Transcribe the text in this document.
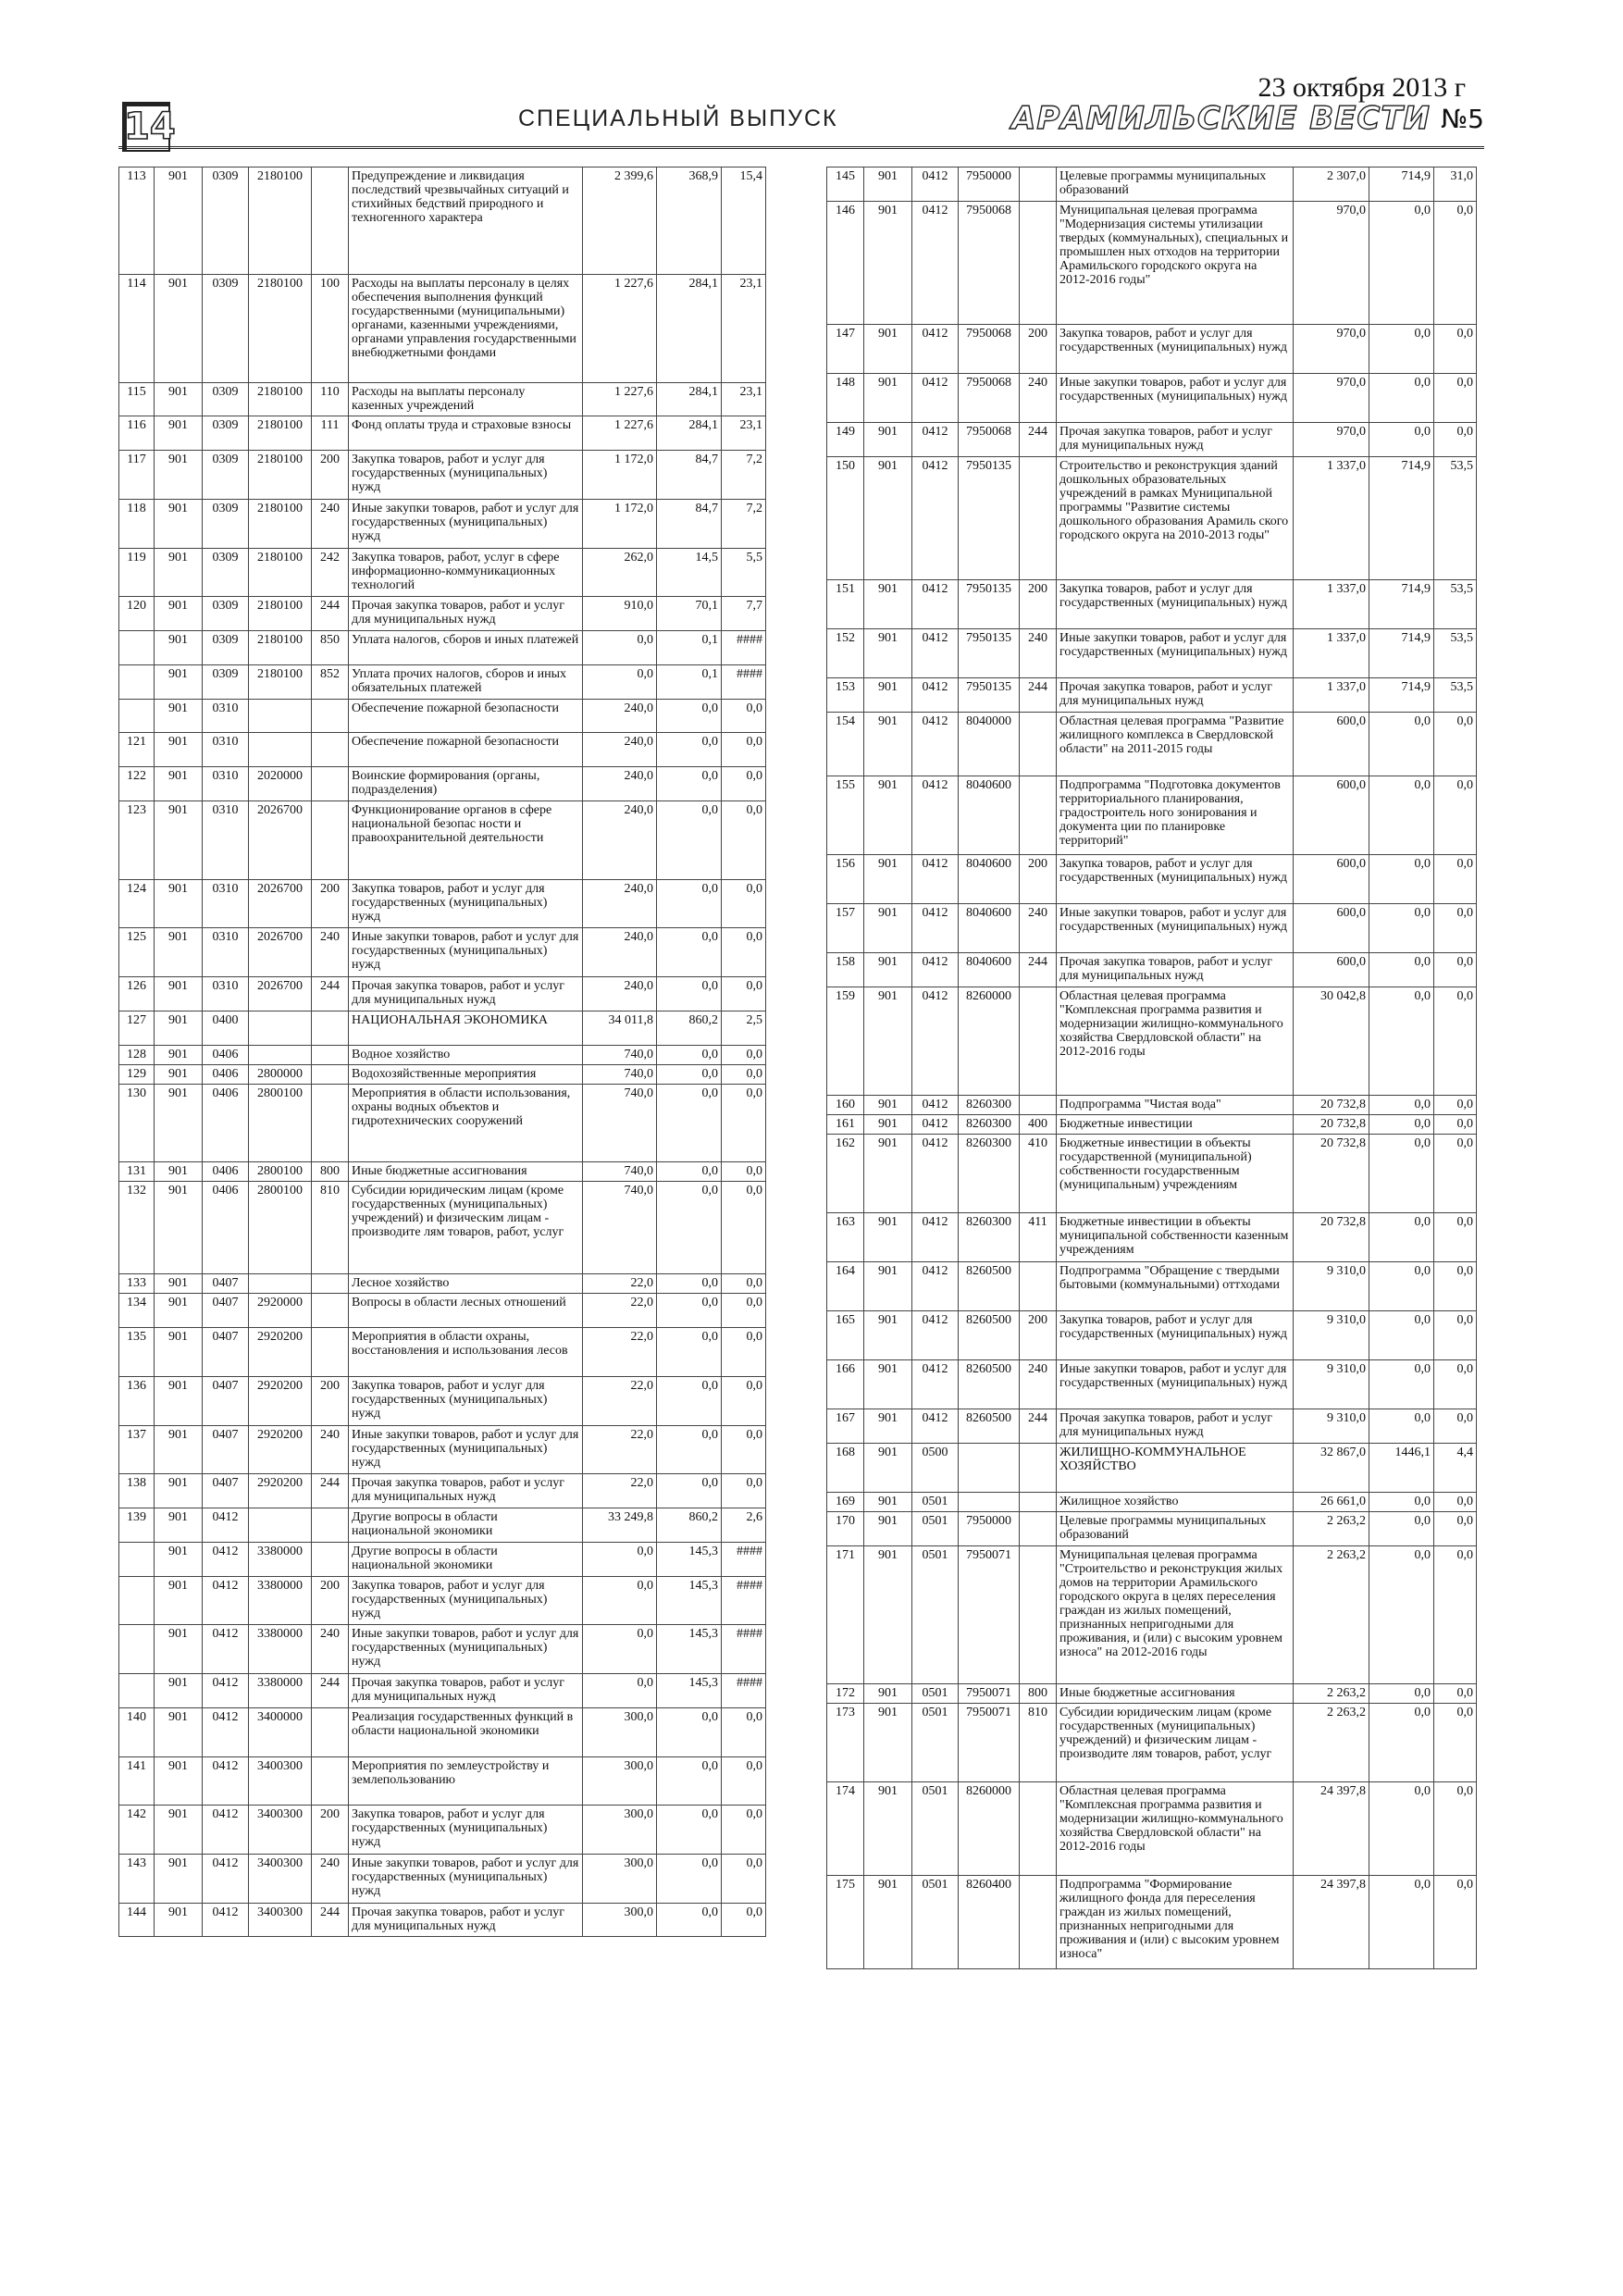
14	СПЕЦИАЛЬНЫЙ ВЫПУСК
23 октября 2013 г
АРАМИЛЬСКИЕ ВЕСТИ №5
113	901	0309	2180100		Предупреждение и ликвидация последствий чрезвычайных ситуаций и стихийных бедствий природного и техногенного характера	2 399,6	368,9	15,4
114	901	0309	2180100	100	Расходы на выплаты персоналу в целях обеспечения выполнения функций государственными (муниципальными) органами, казенными учреждениями, органами управления государственными внебюджетными фондами	1 227,6	284,1	23,1
115	901	0309	2180100	110	Расходы на выплаты персоналу казенных учреждений	1 227,6	284,1	23,1
116	901	0309	2180100	111	Фонд оплаты труда и страховые взносы	1 227,6	284,1	23,1
117	901	0309	2180100	200	Закупка товаров, работ и услуг для государственных (муниципальных) нужд	1 172,0	84,7	7,2
118	901	0309	2180100	240	Иные закупки товаров, работ и услуг для государственных (муниципальных) нужд	1 172,0	84,7	7,2
119	901	0309	2180100	242	Закупка товаров, работ, услуг в сфере информационно-коммуникационных технологий	262,0	14,5	5,5
120	901	0309	2180100	244	Прочая закупка товаров, работ и услуг для муниципальных нужд	910,0	70,1	7,7
	901	0309	2180100	850	Уплата налогов, сборов и иных платежей	0,0	0,1	####
	901	0309	2180100	852	Уплата прочих налогов, сборов и иных обязательных платежей	0,0	0,1	####
	901	0310			Обеспечение пожарной безопасности	240,0	0,0	0,0
121	901	0310			Обеспечение пожарной безопасности	240,0	0,0	0,0
122	901	0310	2020000		Воинские формирования (органы, подразделения)	240,0	0,0	0,0
123	901	0310	2026700		Функционирование органов в сфере национальной безопас ности и правоохранительной деятельности	240,0	0,0	0,0
124	901	0310	2026700	200	Закупка товаров, работ и услуг для государственных (муниципальных) нужд	240,0	0,0	0,0
125	901	0310	2026700	240	Иные закупки товаров, работ и услуг для государственных (муниципальных) нужд	240,0	0,0	0,0
126	901	0310	2026700	244	Прочая закупка товаров, работ и услуг для муниципальных нужд	240,0	0,0	0,0
127	901	0400			НАЦИОНАЛЬНАЯ ЭКОНОМИКА	34 011,8	860,2	2,5
128	901	0406			Водное хозяйство	740,0	0,0	0,0
129	901	0406	2800000		Водохозяйственные мероприятия	740,0	0,0	0,0
130	901	0406	2800100		Мероприятия в области использования, охраны водных объектов и гидротехнических сооружений	740,0	0,0	0,0
131	901	0406	2800100	800	Иные бюджетные ассигнования	740,0	0,0	0,0
132	901	0406	2800100	810	Субсидии юридическим лицам (кроме государственных (муниципальных) учреждений) и физическим лицам - производите лям товаров, работ, услуг	740,0	0,0	0,0
133	901	0407			Лесное хозяйство	22,0	0,0	0,0
134	901	0407	2920000		Вопросы в области лесных отношений	22,0	0,0	0,0
135	901	0407	2920200		Мероприятия в области охраны, восстановления и использования лесов	22,0	0,0	0,0
136	901	0407	2920200	200	Закупка товаров, работ и услуг для государственных (муниципальных) нужд	22,0	0,0	0,0
137	901	0407	2920200	240	Иные закупки товаров, работ и услуг для государственных (муниципальных) нужд	22,0	0,0	0,0
138	901	0407	2920200	244	Прочая закупка товаров, работ и услуг для муниципальных нужд	22,0	0,0	0,0
139	901	0412			Другие вопросы в области национальной экономики	33 249,8	860,2	2,6
	901	0412	3380000		Другие вопросы в области национальной экономики	0,0	145,3	####
	901	0412	3380000	200	Закупка товаров, работ и услуг для государственных (муниципальных) нужд	0,0	145,3	####
	901	0412	3380000	240	Иные закупки товаров, работ и услуг для государственных (муниципальных) нужд	0,0	145,3	####
	901	0412	3380000	244	Прочая закупка товаров, работ и услуг для муниципальных нужд	0,0	145,3	####
140	901	0412	3400000		Реализация государственных функций в области национальной экономики	300,0	0,0	0,0
141	901	0412	3400300		Мероприятия по землеустройству и землепользованию	300,0	0,0	0,0
142	901	0412	3400300	200	Закупка товаров, работ и услуг для государственных (муниципальных) нужд	300,0	0,0	0,0
143	901	0412	3400300	240	Иные закупки товаров, работ и услуг для государственных (муниципальных) нужд	300,0	0,0	0,0
144	901	0412	3400300	244	Прочая закупка товаров, работ и услуг для муниципальных нужд	300,0	0,0	0,0
145	901	0412	7950000		Целевые программы муниципальных образований	2 307,0	714,9	31,0
146	901	0412	7950068		Муниципальная целевая программа "Модернизация системы утилизации твердых (коммунальных), специальных и промышлен ных отходов на территории Арамильского городского округа на 2012-2016 годы"	970,0	0,0	0,0
147	901	0412	7950068	200	Закупка товаров, работ и услуг для государственных (муниципальных) нужд	970,0	0,0	0,0
148	901	0412	7950068	240	Иные закупки товаров, работ и услуг для государственных (муниципальных) нужд	970,0	0,0	0,0
149	901	0412	7950068	244	Прочая закупка товаров, работ и услуг для муниципальных нужд	970,0	0,0	0,0
150	901	0412	7950135		Строительство и реконструкция зданий дошкольных образовательных учреждений в рамках Муниципальной программы "Развитие системы дошкольного образования Арамиль ского городского округа на 2010-2013 годы"	1 337,0	714,9	53,5
151	901	0412	7950135	200	Закупка товаров, работ и услуг для государственных (муниципальных) нужд	1 337,0	714,9	53,5
152	901	0412	7950135	240	Иные закупки товаров, работ и услуг для государственных (муниципальных) нужд	1 337,0	714,9	53,5
153	901	0412	7950135	244	Прочая закупка товаров, работ и услуг для муниципальных нужд	1 337,0	714,9	53,5
154	901	0412	8040000		Областная целевая программа "Развитие жилищного комплекса в Свердловской области" на 2011-2015 годы	600,0	0,0	0,0
155	901	0412	8040600		Подпрограмма "Подготовка документов территориального планирования, градостроитель ного зонирования и документа ции по планировке территорий"	600,0	0,0	0,0
156	901	0412	8040600	200	Закупка товаров, работ и услуг для государственных (муниципальных) нужд	600,0	0,0	0,0
157	901	0412	8040600	240	Иные закупки товаров, работ и услуг для государственных (муниципальных) нужд	600,0	0,0	0,0
158	901	0412	8040600	244	Прочая закупка товаров, работ и услуг для муниципальных нужд	600,0	0,0	0,0
159	901	0412	8260000		Областная целевая программа "Комплексная программа развития и модернизации жилищно-коммунального хозяйства Свердловской области" на 2012-2016 годы	30 042,8	0,0	0,0
160	901	0412	8260300		Подпрограмма "Чистая вода"	20 732,8	0,0	0,0
161	901	0412	8260300	400	Бюджетные инвестиции	20 732,8	0,0	0,0
162	901	0412	8260300	410	Бюджетные инвестиции в объекты государственной (муниципальной) собственности государственным (муниципальным) учреждениям	20 732,8	0,0	0,0
163	901	0412	8260300	411	Бюджетные инвестиции в объекты муниципальной собственности казенным учреждениям	20 732,8	0,0	0,0
164	901	0412	8260500		Подпрограмма "Обращение с твердыми бытовыми (коммунальными) оттходами	9 310,0	0,0	0,0
165	901	0412	8260500	200	Закупка товаров, работ и услуг для государственных (муниципальных) нужд	9 310,0	0,0	0,0
166	901	0412	8260500	240	Иные закупки товаров, работ и услуг для государственных (муниципальных) нужд	9 310,0	0,0	0,0
167	901	0412	8260500	244	Прочая закупка товаров, работ и услуг для муниципальных нужд	9 310,0	0,0	0,0
168	901	0500			ЖИЛИЩНО-КОММУНАЛЬНОЕ ХОЗЯЙСТВО	32 867,0	1446,1	4,4
169	901	0501			Жилищное хозяйство	26 661,0	0,0	0,0
170	901	0501	7950000		Целевые программы муниципальных образований	2 263,2	0,0	0,0
171	901	0501	7950071		Муниципальная целевая программа "Строительство и реконструкция жилых домов на территории Арамильского городского округа в целях переселения граждан из жилых помещений, признанных непригодными для проживания, и (или) с высоким уровнем износа" на 2012-2016 годы	2 263,2	0,0	0,0
172	901	0501	7950071	800	Иные бюджетные ассигнования	2 263,2	0,0	0,0
173	901	0501	7950071	810	Субсидии юридическим лицам (кроме государственных (муниципальных) учреждений) и физическим лицам - производите лям товаров, работ, услуг	2 263,2	0,0	0,0
174	901	0501	8260000		Областная целевая программа "Комплексная программа развития и модернизации жилищно-коммунального хозяйства Свердловской области" на 2012-2016 годы	24 397,8	0,0	0,0
175	901	0501	8260400		Подпрограмма "Формирование жилищного фонда для переселения граждан из жилых помещений, признанных непригодными для проживания и (или) с высоким уровнем износа"	24 397,8	0,0	0,0
